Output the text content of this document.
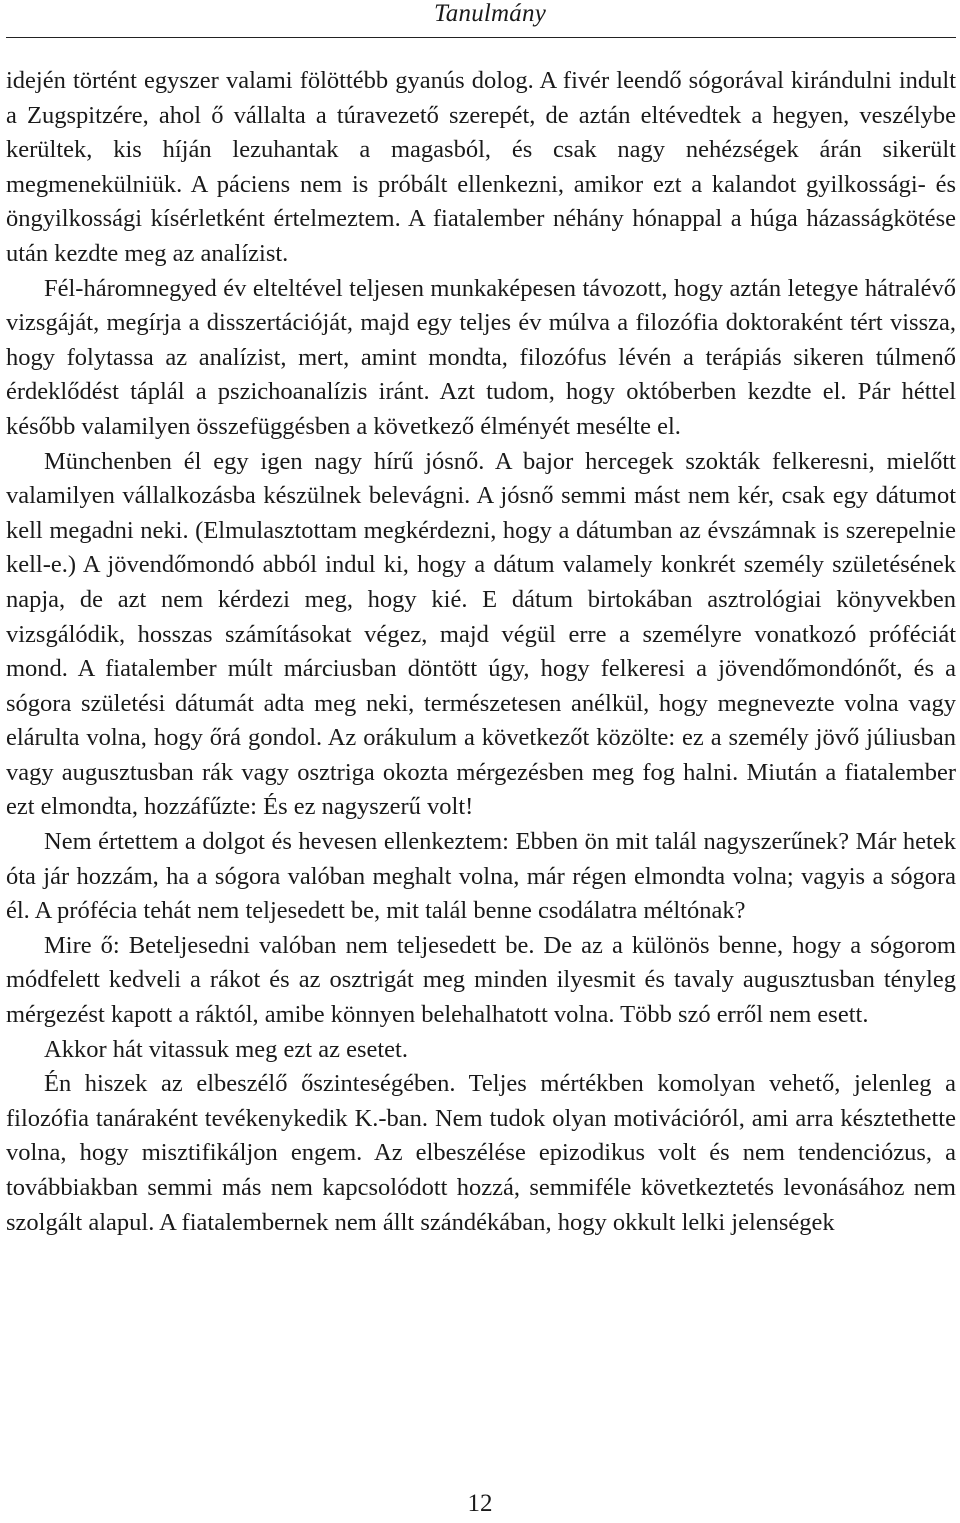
Tanulmány

idején történt egyszer valami fölöttébb gyanús dolog. A fivér leendő sógorával kirándulni indult a Zugspitzére, ahol ő vállalta a túravezető szerepét, de aztán eltévedtek a hegyen, veszélybe kerültek, kis híján lezuhantak a magasból, és csak nagy nehézségek árán sikerült megmenekülniük. A páciens nem is próbált ellenkezni, amikor ezt a kalandot gyilkossági- és öngyilkossági kísérletként értelmeztem. A fiatalember néhány hónappal a húga házasságkötése után kezdte meg az analízist.

Fél-háromnegyed év elteltével teljesen munkaképesen távozott, hogy aztán letegye hátralévő vizsgáját, megírja a disszertációját, majd egy teljes év múlva a filozófia doktoraként tért vissza, hogy folytassa az analízist, mert, amint mondta, filozófus lévén a terápiás sikeren túlmenő érdeklődést táplál a pszichoanalízis iránt. Azt tudom, hogy októberben kezdte el. Pár héttel később valamilyen összefüggésben a következő élményét mesélte el.

Münchenben él egy igen nagy hírű jósnő. A bajor hercegek szokták felkeresni, mielőtt valamilyen vállalkozásba készülnek belevágni. A jósnő semmi mást nem kér, csak egy dátumot kell megadni neki. (Elmulasztottam megkérdezni, hogy a dátumban az évszámnak is szerepelnie kell-e.) A jövendőmondó abból indul ki, hogy a dátum valamely konkrét személy születésének napja, de azt nem kérdezi meg, hogy kié. E dátum birtokában asztrológiai könyvekben vizsgálódik, hosszas számításokat végez, majd végül erre a személyre vonatkozó próféciát mond. A fiatalember múlt márciusban döntött úgy, hogy felkeresi a jövendőmondónőt, és a sógora születési dátumát adta meg neki, természetesen anélkül, hogy megnevezte volna vagy elárulta volna, hogy őrá gondol. Az orákulum a következőt közölte: ez a személy jövő júliusban vagy augusztusban rák vagy osztriga okozta mérgezésben meg fog halni. Miután a fiatalember ezt elmondta, hozzáfűzte: És ez nagyszerű volt!

Nem értettem a dolgot és hevesen ellenkeztem: Ebben ön mit talál nagyszerűnek? Már hetek óta jár hozzám, ha a sógora valóban meghalt volna, már régen elmondta volna; vagyis a sógora él. A prófécia tehát nem teljesedett be, mit talál benne csodálatra méltónak?

Mire ő: Beteljesedni valóban nem teljesedett be. De az a különös benne, hogy a sógorom módfelett kedveli a rákot és az osztrigát meg minden ilyesmit és tavaly augusztusban tényleg mérgezést kapott a ráktól, amibe könnyen belehalhatott volna. Több szó erről nem esett.

Akkor hát vitassuk meg ezt az esetet.

Én hiszek az elbeszélő őszinteségében. Teljes mértékben komolyan vehető, jelenleg a filozófia tanáraként tevékenykedik K.-ban. Nem tudok olyan motivációról, ami arra késztethette volna, hogy misztifikáljon engem. Az elbeszélése epizodikus volt és nem tendenciózus, a továbbiakban semmi más nem kapcsolódott hozzá, semmiféle következtetés levonásához nem szolgált alapul. A fiatalembernek nem állt szándékában, hogy okkult lelki jelenségek

12
